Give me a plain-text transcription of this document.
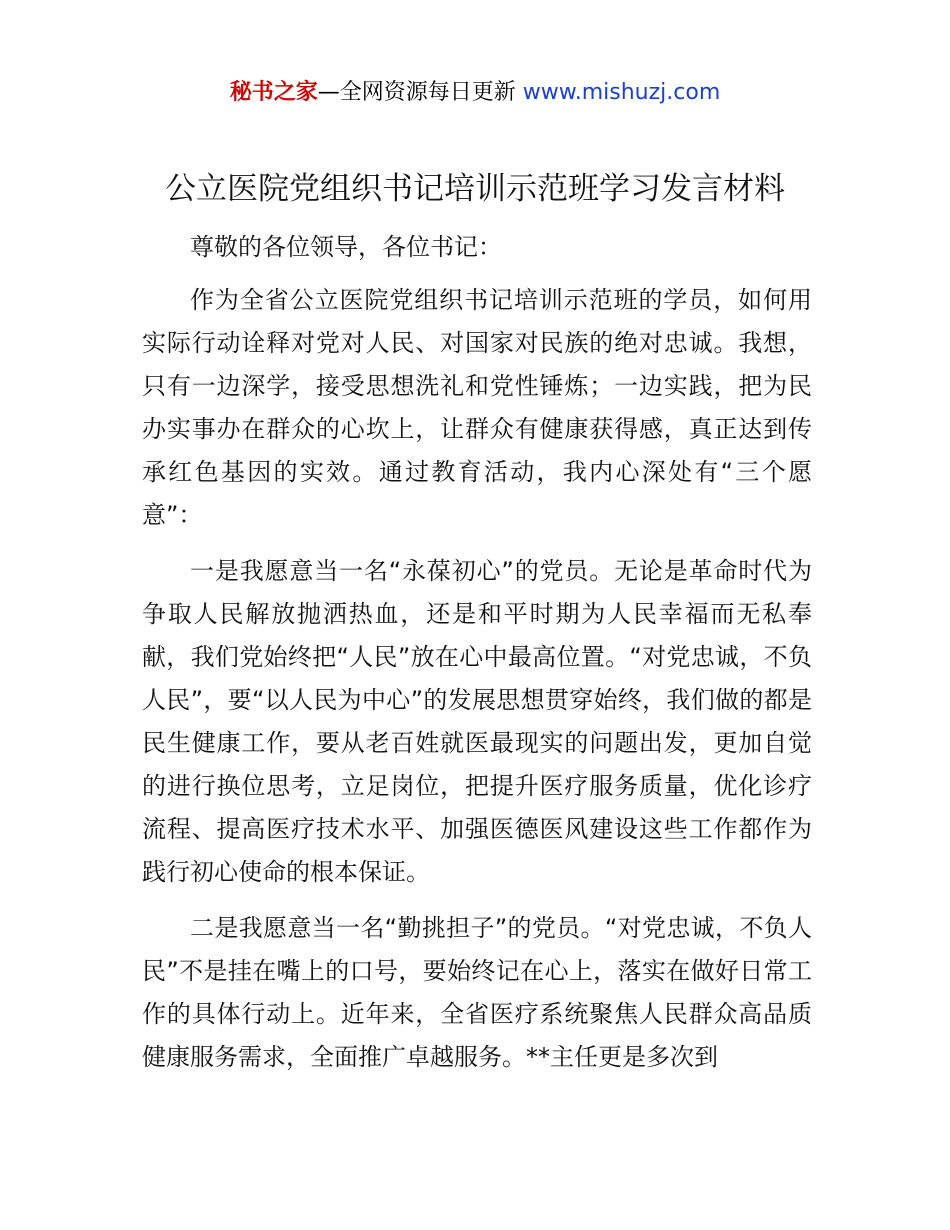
秘书之家—全网资源每日更新 www.mishuzj.com
公立医院党组织书记培训示范班学习发言材料

尊敬的各位领导，各位书记：

作为全省公立医院党组织书记培训示范班的学员，如何用实际行动诠释对党对人民、对国家对民族的绝对忠诚。我想，只有一边深学，接受思想洗礼和党性锤炼；一边实践，把为民办实事办在群众的心坎上，让群众有健康获得感，真正达到传承红色基因的实效。通过教育活动，我内心深处有“三个愿意”：

一是我愿意当一名“永葆初心”的党员。无论是革命时代为争取人民解放抛洒热血，还是和平时期为人民幸福而无私奉献，我们党始终把“人民”放在心中最高位置。“对党忠诚，不负人民”，要“以人民为中心”的发展思想贯穿始终，我们做的都是民生健康工作，要从老百姓就医最现实的问题出发，更加自觉的进行换位思考，立足岗位，把提升医疗服务质量，优化诊疗流程、提高医疗技术水平、加强医德医风建设这些工作都作为践行初心使命的根本保证。

二是我愿意当一名“勤挑担子”的党员。“对党忠诚，不负人民”不是挂在嘴上的口号，要始终记在心上，落实在做好日常工作的具体行动上。近年来，全省医疗系统聚焦人民群众高品质健康服务需求，全面推广卓越服务。**主任更是多次到
